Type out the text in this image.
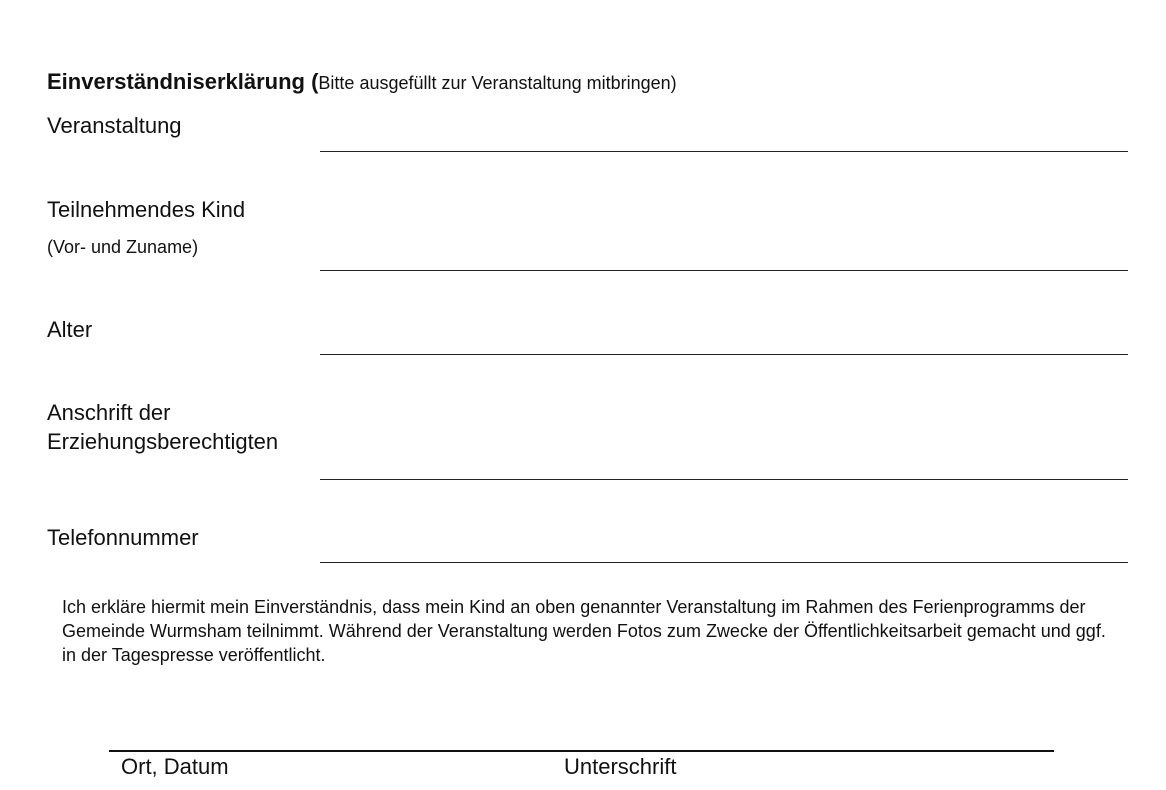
Einverständniserklärung (Bitte ausgefüllt zur Veranstaltung mitbringen)
Veranstaltung
Teilnehmendes Kind
(Vor- und Zuname)
Alter
Anschrift der
Erziehungsberechtigten
Telefonnummer
Ich erkläre hiermit mein Einverständnis, dass mein Kind an oben genannter Veranstaltung im Rahmen des Ferienprogramms der Gemeinde Wurmsham teilnimmt. Während der Veranstaltung werden Fotos zum Zwecke der Öffentlichkeitsarbeit gemacht und ggf. in der Tagespresse veröffentlicht.
Ort, Datum	Unterschrift
